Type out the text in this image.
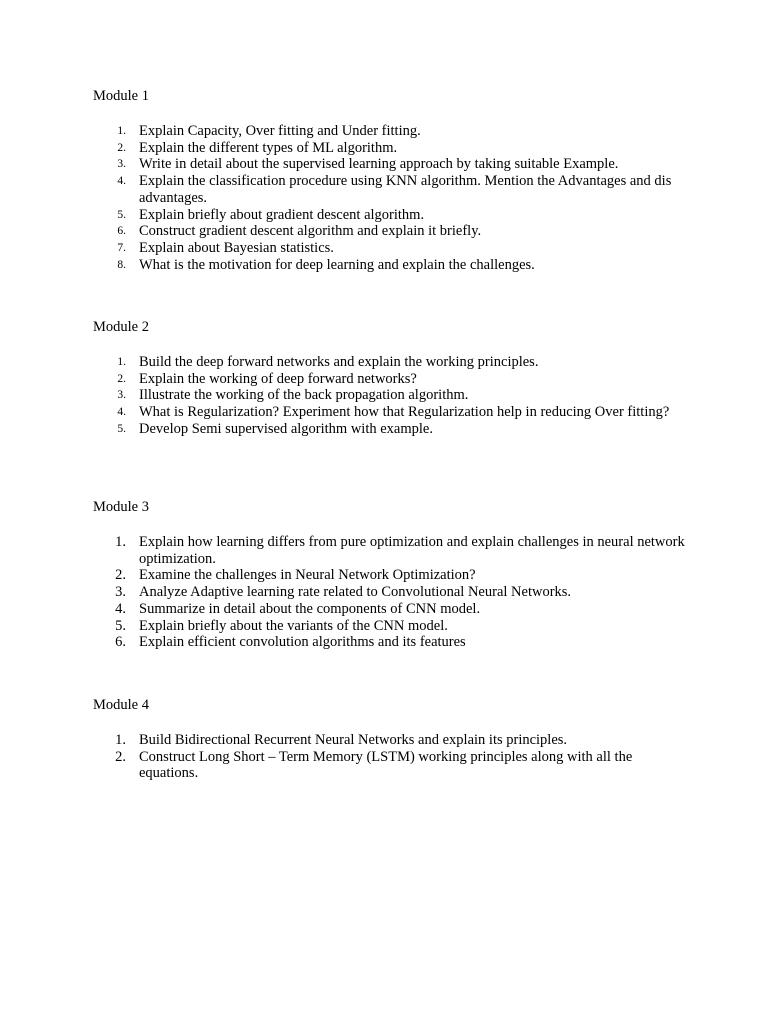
Module 1
1. Explain Capacity, Over fitting and Under fitting.
2. Explain the different types of ML algorithm.
3. Write in detail about the supervised learning approach by taking suitable Example.
4. Explain the classification procedure using KNN algorithm. Mention the Advantages and dis advantages.
5. Explain briefly about gradient descent algorithm.
6. Construct gradient descent algorithm and explain it briefly.
7. Explain about Bayesian statistics.
8. What is the motivation for deep learning and explain the challenges.
Module 2
1. Build the deep forward networks and explain the working principles.
2. Explain the working of deep forward networks?
3. Illustrate the working of the back propagation algorithm.
4. What is Regularization? Experiment how that Regularization help in reducing Over fitting?
5. Develop Semi supervised algorithm with example.
Module 3
1. Explain how learning differs from pure optimization and explain challenges in neural network optimization.
2. Examine the challenges in Neural Network Optimization?
3. Analyze Adaptive learning rate related to Convolutional Neural Networks.
4. Summarize in detail about the components of CNN model.
5. Explain briefly about the variants of the CNN model.
6. Explain efficient convolution algorithms and its features
Module 4
1. Build Bidirectional Recurrent Neural Networks and explain its principles.
2. Construct Long Short – Term Memory (LSTM) working principles along with all the equations.
